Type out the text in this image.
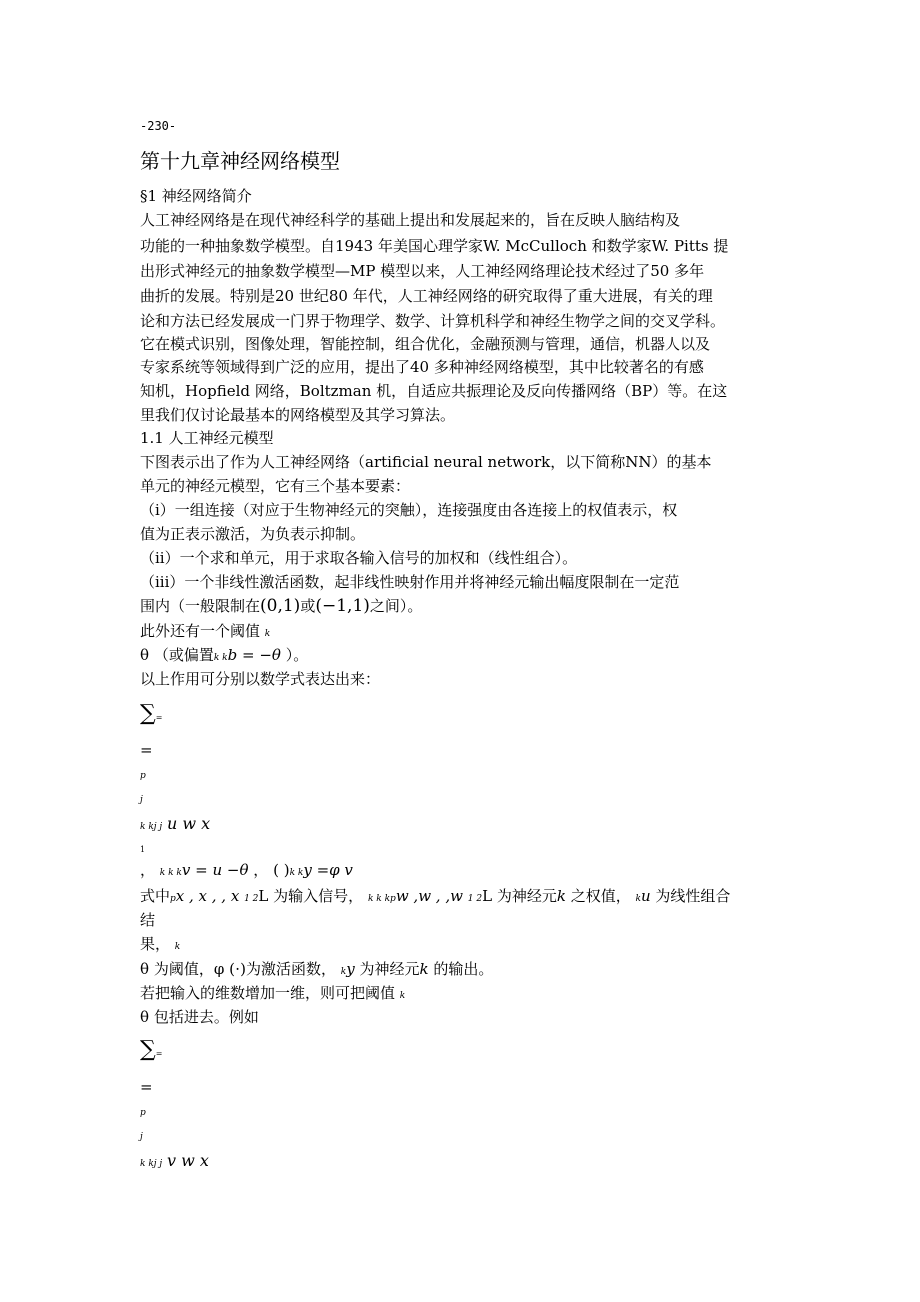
-230-
第十九章神经网络模型
§1 神经网络简介
人工神经网络是在现代神经科学的基础上提出和发展起来的，旨在反映人脑结构及
功能的一种抽象数学模型。自1943 年美国心理学家W. McCulloch 和数学家W. Pitts 提
出形式神经元的抽象数学模型—MP 模型以来，人工神经网络理论技术经过了50 多年
曲折的发展。特别是20 世纪80 年代，人工神经网络的研究取得了重大进展，有关的理
论和方法已经发展成一门界于物理学、数学、计算机科学和神经生物学之间的交叉学科。
它在模式识别，图像处理，智能控制，组合优化，金融预测与管理，通信，机器人以及
专家系统等领域得到广泛的应用，提出了40 多种神经网络模型，其中比较著名的有感
知机，Hopfield 网络，Boltzman 机，自适应共振理论及反向传播网络（BP）等。在这
里我们仅讨论最基本的网络模型及其学习算法。
1.1 人工神经元模型
下图表示出了作为人工神经网络（artificial neural network，以下简称NN）的基本
单元的神经元模型，它有三个基本要素：
（i）一组连接（对应于生物神经元的突触），连接强度由各连接上的权值表示，权
值为正表示激活，为负表示抑制。
（ii）一个求和单元，用于求取各输入信号的加权和（线性组合）。
（iii）一个非线性激活函数，起非线性映射作用并将神经元输出幅度限制在一定范
围内（一般限制在(0,1)或(−1,1)之间）。
此外还有一个阈值 k
θ （或偏置k kb = −θ ）。
以上作用可分别以数学式表达出来：
∑=
=
p
j
k kj j u w x
1
， k k kv = u −θ ， ( )k ky =φ v
式中px , x , , x 1 2L 为输入信号， k k kpw ,w , ,w 1 2L 为神经元k 之权值， ku 为线性组合
结
果， k
θ 为阈值，φ (⋅)为激活函数， ky 为神经元k 的输出。
若把输入的维数增加一维，则可把阈值 k
θ 包括进去。例如
∑=
=
p
j
k kj j v w x
